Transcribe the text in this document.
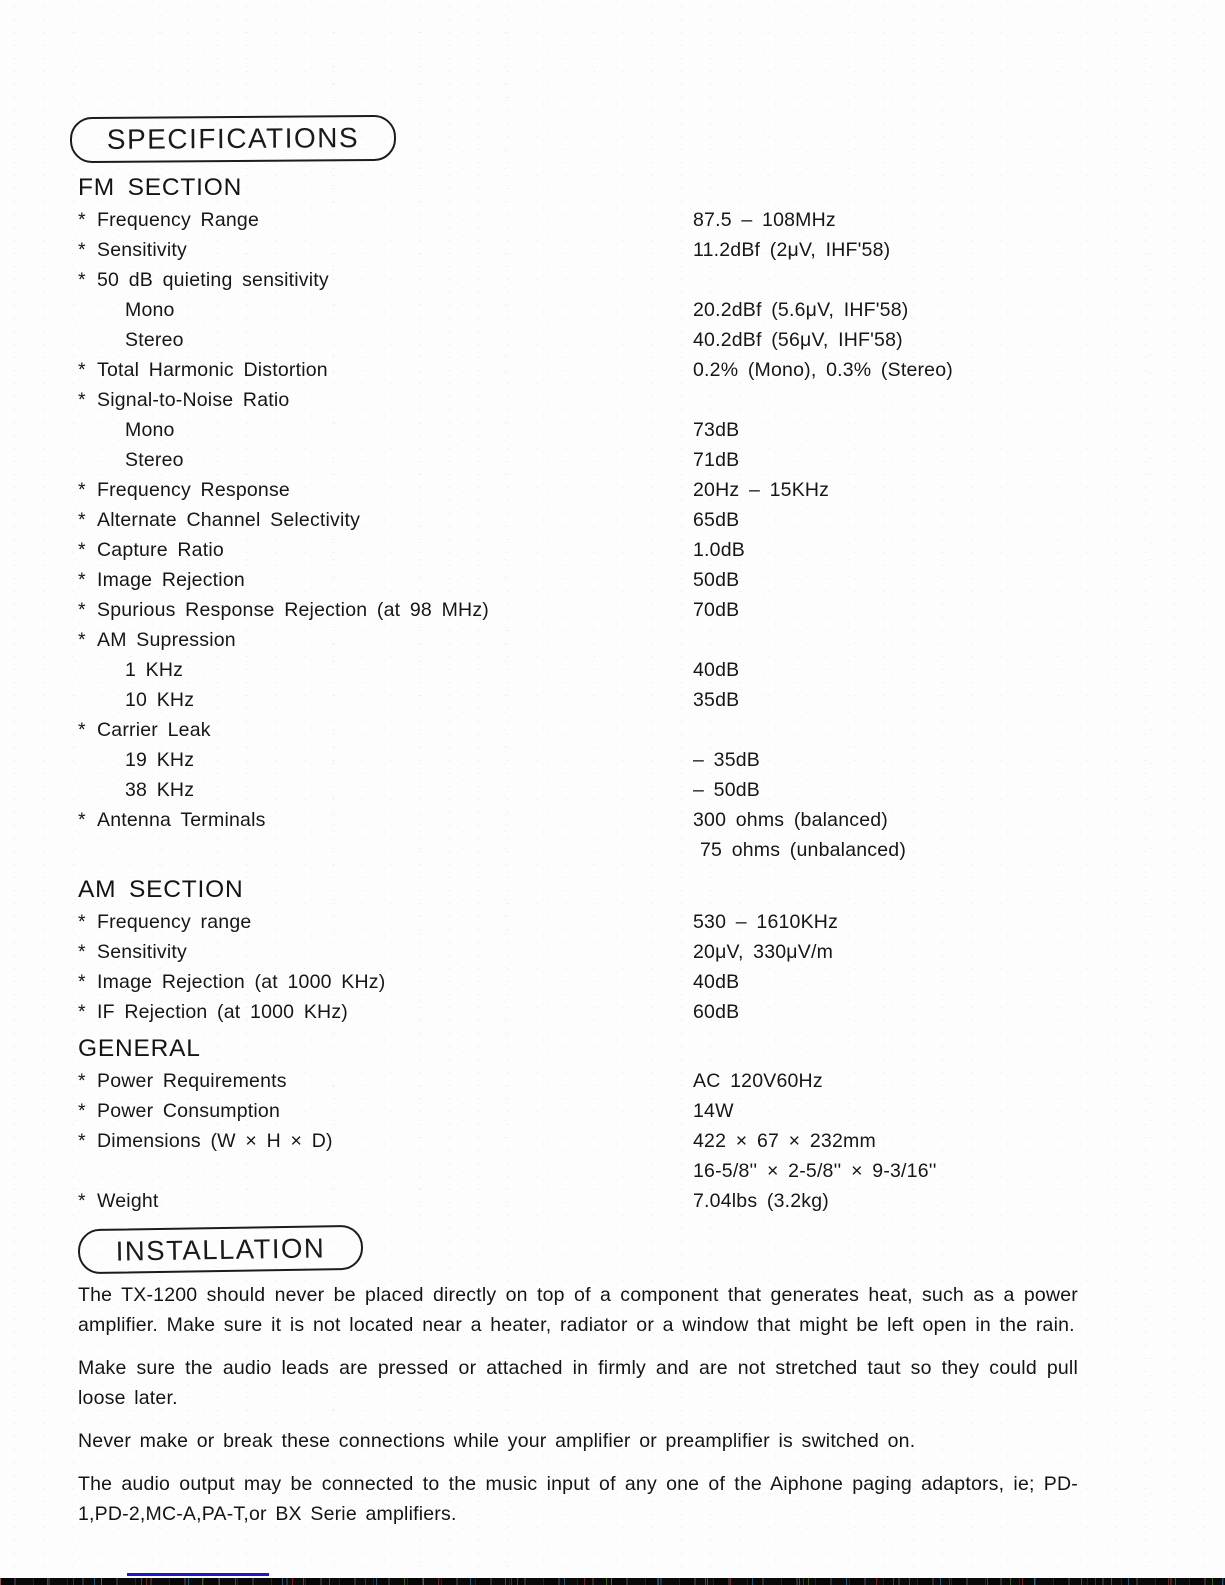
SPECIFICATIONS
FM SECTION
* Frequency Range	87.5 – 108MHz
* Sensitivity	11.2dBf (2μV, IHF'58)
* 50 dB quieting sensitivity
Mono	20.2dBf (5.6μV, IHF'58)
Stereo	40.2dBf (56μV, IHF'58)
* Total Harmonic Distortion	0.2% (Mono), 0.3% (Stereo)
* Signal-to-Noise Ratio
Mono	73dB
Stereo	71dB
* Frequency Response	20Hz – 15KHz
* Alternate Channel Selectivity	65dB
* Capture Ratio	1.0dB
* Image Rejection	50dB
* Spurious Response Rejection (at 98 MHz)	70dB
* AM Supression
1 KHz	40dB
10 KHz	35dB
* Carrier Leak
19 KHz	– 35dB
38 KHz	– 50dB
* Antenna Terminals	300 ohms (balanced)
75 ohms (unbalanced)
AM SECTION
* Frequency range	530 – 1610KHz
* Sensitivity	20μV, 330μV/m
* Image Rejection (at 1000 KHz)	40dB
* IF Rejection (at 1000 KHz)	60dB
GENERAL
* Power Requirements	AC 120V60Hz
* Power Consumption	14W
* Dimensions (W × H × D)	422 × 67 × 232mm
16-5/8'' × 2-5/8'' × 9-3/16''
* Weight	7.04lbs (3.2kg)
INSTALLATION

The TX-1200 should never be placed directly on top of a component that generates heat, such as a power amplifier. Make sure it is not located near a heater, radiator or a window that might be left open in the rain.

Make sure the audio leads are pressed or attached in firmly and are not stretched taut so they could pull loose later.

Never make or break these connections while your amplifier or preamplifier is switched on.

The audio output may be connected to the music input of any one of the Aiphone paging adaptors, ie; PD-1,PD-2,MC-A,PA-T,or BX Serie amplifiers.
